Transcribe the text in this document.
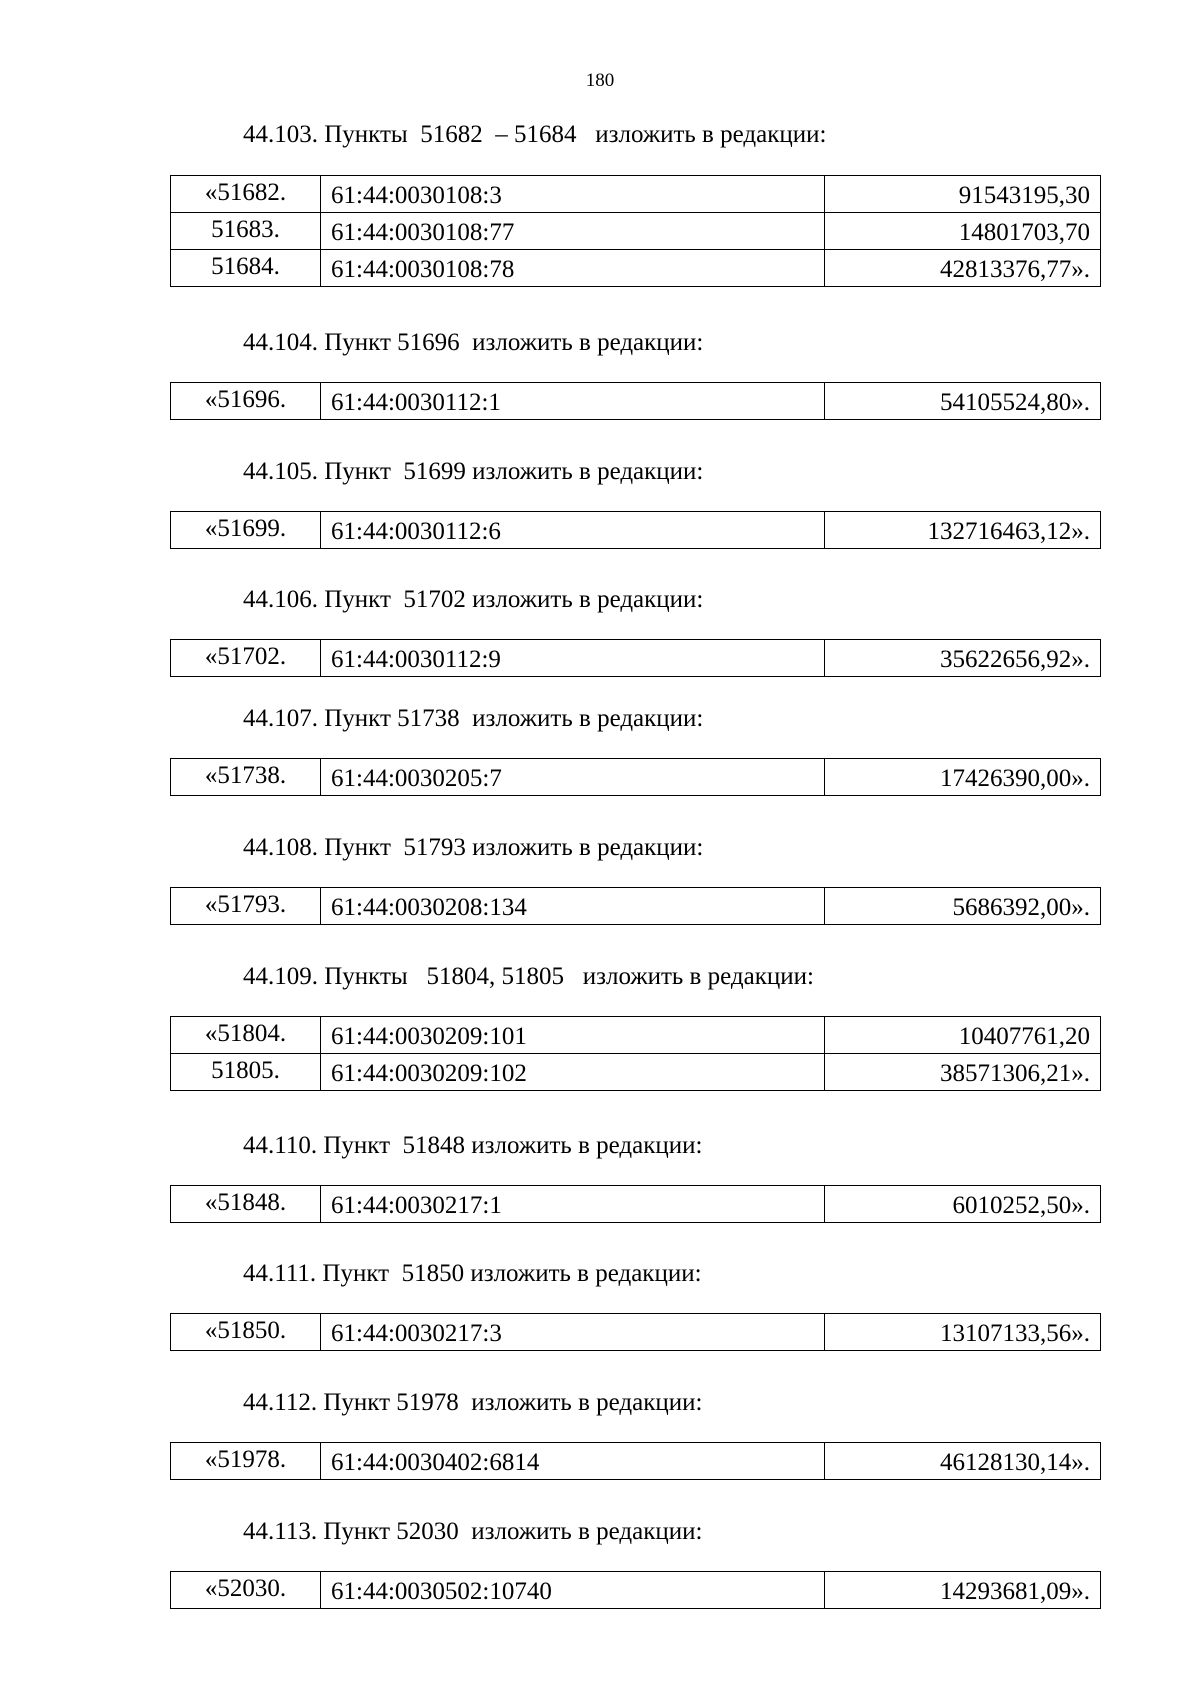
180
44.103. Пункты  51682  – 51684   изложить в редакции:
«51682.	61:44:0030108:3	91543195,30
51683.	61:44:0030108:77	14801703,70
51684.	61:44:0030108:78	42813376,77».
44.104. Пункт 51696  изложить в редакции:
«51696.	61:44:0030112:1	54105524,80».
44.105. Пункт  51699 изложить в редакции:
«51699.	61:44:0030112:6	132716463,12».
44.106. Пункт  51702 изложить в редакции:
«51702.	61:44:0030112:9	35622656,92».
44.107. Пункт 51738  изложить в редакции:
«51738.	61:44:0030205:7	17426390,00».
44.108. Пункт  51793 изложить в редакции:
«51793.	61:44:0030208:134	5686392,00».
44.109. Пункты   51804, 51805   изложить в редакции:
«51804.	61:44:0030209:101	10407761,20
51805.	61:44:0030209:102	38571306,21».
44.110. Пункт  51848 изложить в редакции:
«51848.	61:44:0030217:1	6010252,50».
44.111. Пункт  51850 изложить в редакции:
«51850.	61:44:0030217:3	13107133,56».
44.112. Пункт 51978  изложить в редакции:
«51978.	61:44:0030402:6814	46128130,14».
44.113. Пункт 52030  изложить в редакции:
«52030.	61:44:0030502:10740	14293681,09».
